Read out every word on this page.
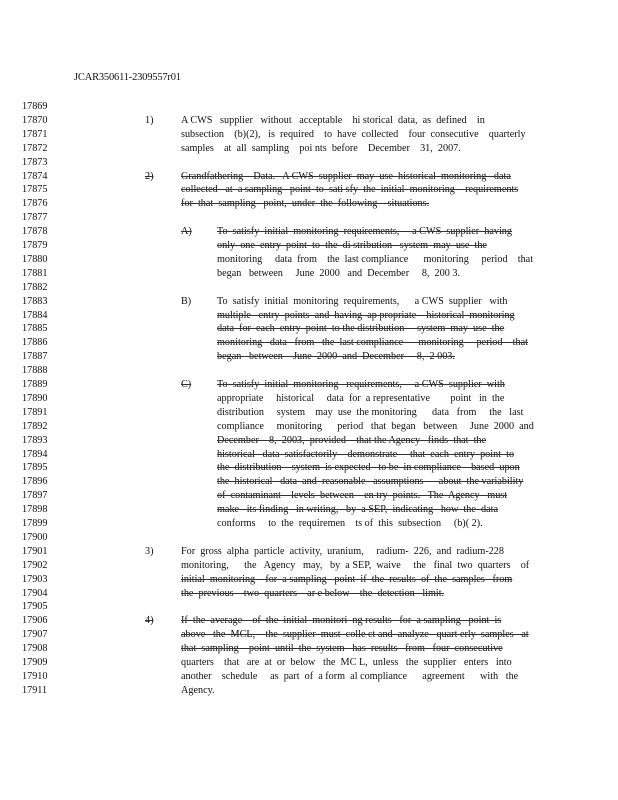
JCAR350611-2309557r01
17869
17870	1)	A CWS   supplier   without   acceptable    hi storical  data,  as  defined    in
17871	subsection    (b)(2),   is  required    to  have  collected    four  consecutive    quarterly
17872	samples    at  all  sampling    poi nts  before    December    31,  2007.
17873
17874	2)	Grandfathering    Data.   A CWS  supplier  may  use  historical  monitoring   data
17875	collected   at  a sampling   point  to  sati sfy  the  initial  monitoring    requirements
17876	for  that  sampling   point,  under  the  following    situations.
17877
17878	A) To  satisfy  initial  monitoring  requirements,     a CWS  supplier  having
17879	only  one  entry  point  to  the  di stribution   system  may  use  the
17880	monitoring     data  from    the  last compliance      monitoring     period    that
17881	began   between     June  2000   and  December     8,  200 3.
17882
17883	B)	To  satisfy  initial  monitoring  requirements,      a CWS  supplier   with
17884	multiple   entry  points  and  having  ap propriate    historical  monitoring
17885	data  for  each  entry  point  to the distribution     system  may  use  the
17886	monitoring   data   from   the  last compliance      monitoring     period    that
17887	began   between    June  2000  and  December     8,  2 003.
17888
17889	C)	To  satisfy  initial  monitoring   requirements,     a CWS  supplier  with
17890	appropriate     historical     data  for  a representative        point   in  the
17891	distribution     system    may  use  the monitoring      data   from     the   last
17892	compliance     monitoring      period   that  began   between     June  2000  and
17893	December    8,  2003,  provided    that the Agency   finds  that  the
17894	historical   data  satisfactorily    demonstrate     that  each  entry  point  to
17895	the  distribution    system  is expected   to be  in compliance    based  upon
17896	the  historical   data  and  reasonable   assumptions      about  the variability
17897	of  contaminant    levels  between    en try  points.   The  Agency   must
17898	make   its finding   in writing,   by  a SEP,  indicating   how  the  data
17899	conforms     to  the  requiremen    ts of  this  subsection     (b)( 2).
17900
17901	3)	For  gross  alpha  particle  activity,  uranium,     radium-  226,  and  radium-228
17902	monitoring,      the   Agency   may,   by  a SEP,  waive     the   final  two  quarters    of
17903	initial  monitoring    for  a sampling   point  if  the  results  of  the  samples   from
17904	the  previous    two  quarters    ar e below    the  detection   limit.
17905
17906	4)	If  the  average    of  the  initial  monitori  ng results   for  a sampling   point  is
17907	above   the  MCL,    the  supplier  must  colle ct and  analyze   quart erly  samples   at
17908	that  sampling    point  until  the  system   has  results   from   four  consecutive
17909	quarters    that   are  at  or  below   the  MC L,  unless   the  supplier   enters   into
17910	another    schedule     as  part  of  a form  al compliance      agreement      with   the
17911	Agency.
